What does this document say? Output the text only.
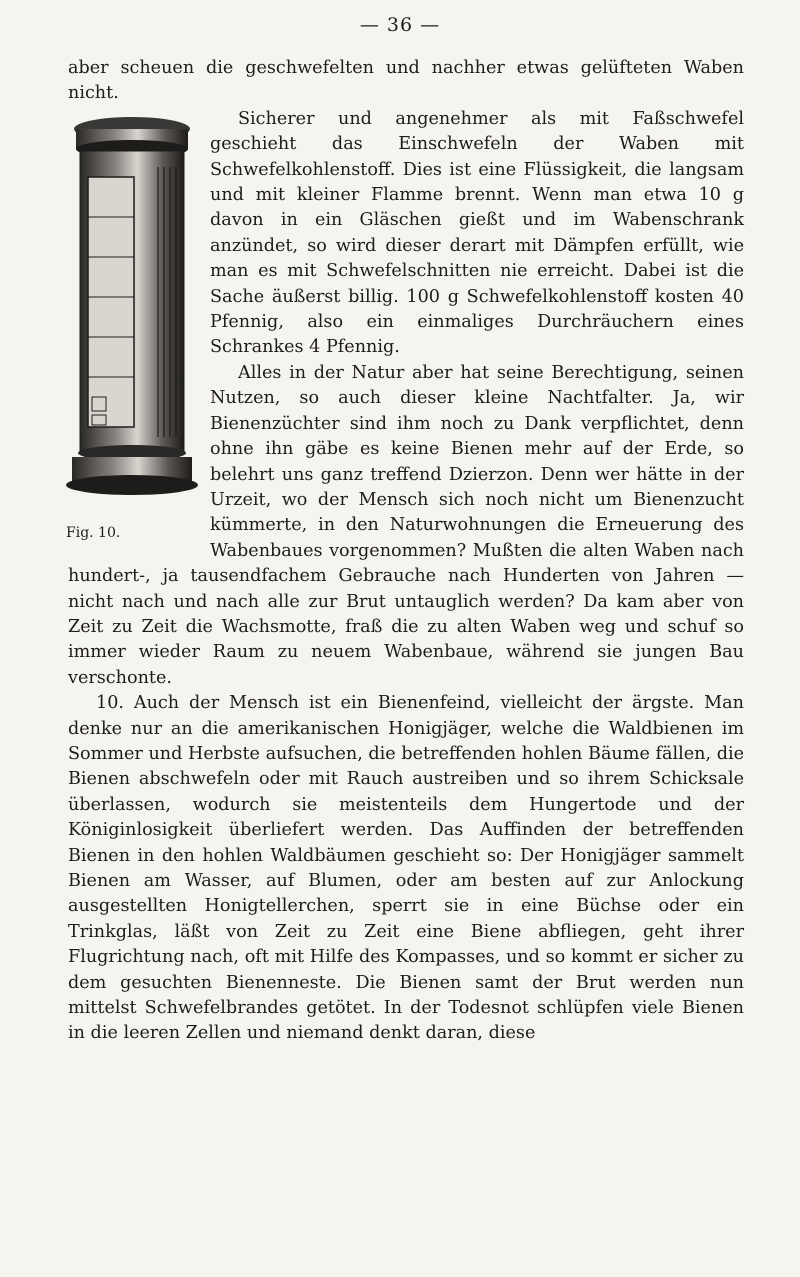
— 36 —

aber scheuen die geschwefelten und nachher etwas gelüfteten Waben nicht.

Fig. 10.

Sicherer und angenehmer als mit Faßschwefel geschieht das Einschwefeln der Waben mit Schwefelkohlenstoff. Dies ist eine Flüssigkeit, die langsam und mit kleiner Flamme brennt. Wenn man etwa 10 g davon in ein Gläschen gießt und im Wabenschrank anzündet, so wird dieser derart mit Dämpfen erfüllt, wie man es mit Schwefelschnitten nie erreicht. Dabei ist die Sache äußerst billig. 100 g Schwefelkohlenstoff kosten 40 Pfennig, also ein einmaliges Durchräuchern eines Schrankes 4 Pfennig.

Alles in der Natur aber hat seine Berechtigung, seinen Nutzen, so auch dieser kleine Nachtfalter. Ja, wir Bienenzüchter sind ihm noch zu Dank verpflichtet, denn ohne ihn gäbe es keine Bienen mehr auf der Erde, so belehrt uns ganz treffend Dzierzon. Denn wer hätte in der Urzeit, wo der Mensch sich noch nicht um Bienenzucht kümmerte, in den Naturwohnungen die Erneuerung des Wabenbaues vorgenommen? Mußten die alten Waben nach hundert-, ja tausendfachem Gebrauche nach Hunderten von Jahren — nicht nach und nach alle zur Brut untauglich werden? Da kam aber von Zeit zu Zeit die Wachsmotte, fraß die zu alten Waben weg und schuf so immer wieder Raum zu neuem Wabenbaue, während sie jungen Bau verschonte.

10. Auch der Mensch ist ein Bienenfeind, vielleicht der ärgste. Man denke nur an die amerikanischen Honigjäger, welche die Waldbienen im Sommer und Herbste aufsuchen, die betreffenden hohlen Bäume fällen, die Bienen abschwefeln oder mit Rauch austreiben und so ihrem Schicksale überlassen, wodurch sie meistenteils dem Hungertode und der Königinlosigkeit überliefert werden. Das Auffinden der betreffenden Bienen in den hohlen Waldbäumen geschieht so: Der Honigjäger sammelt Bienen am Wasser, auf Blumen, oder am besten auf zur Anlockung ausgestellten Honigtellerchen, sperrt sie in eine Büchse oder ein Trinkglas, läßt von Zeit zu Zeit eine Biene abfliegen, geht ihrer Flugrichtung nach, oft mit Hilfe des Kompasses, und so kommt er sicher zu dem gesuchten Bienenneste. Die Bienen samt der Brut werden nun mittelst Schwefelbrandes getötet. In der Todesnot schlüpfen viele Bienen in die leeren Zellen und niemand denkt daran, diese
